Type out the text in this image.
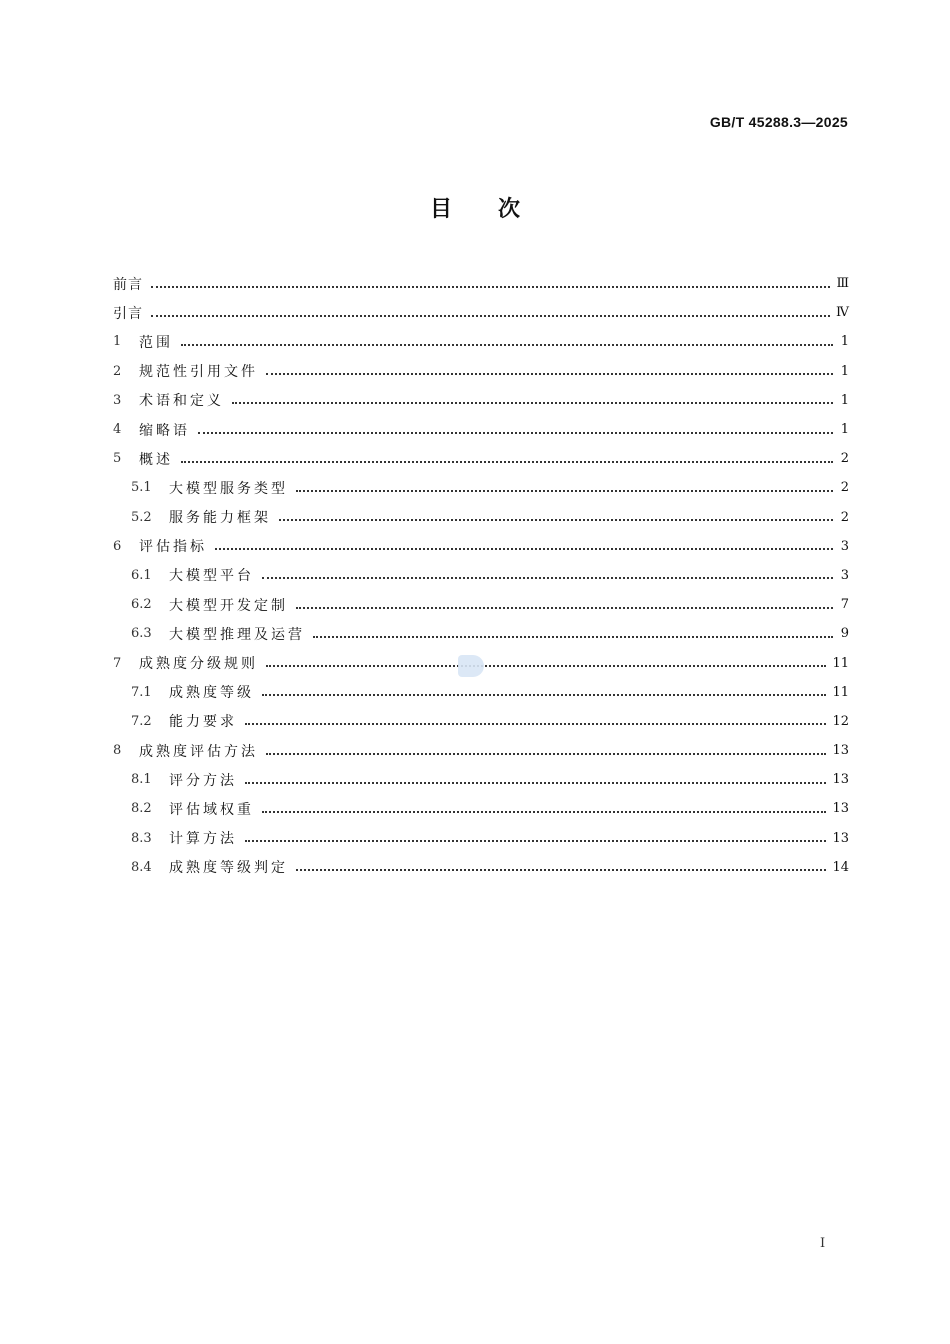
GB/T 45288.3—2025
目次
前言	Ⅲ
引言	Ⅳ
1	范围	1
2	规范性引用文件	1
3	术语和定义	1
4	缩略语	1
5	概述	2
5.1	大模型服务类型	2
5.2	服务能力框架	2
6	评估指标	3
6.1	大模型平台	3
6.2	大模型开发定制	7
6.3	大模型推理及运营	9
7	成熟度分级规则	11
7.1	成熟度等级	11
7.2	能力要求	12
8	成熟度评估方法	13
8.1	评分方法	13
8.2	评估域权重	13
8.3	计算方法	13
8.4	成熟度等级判定	14
I
